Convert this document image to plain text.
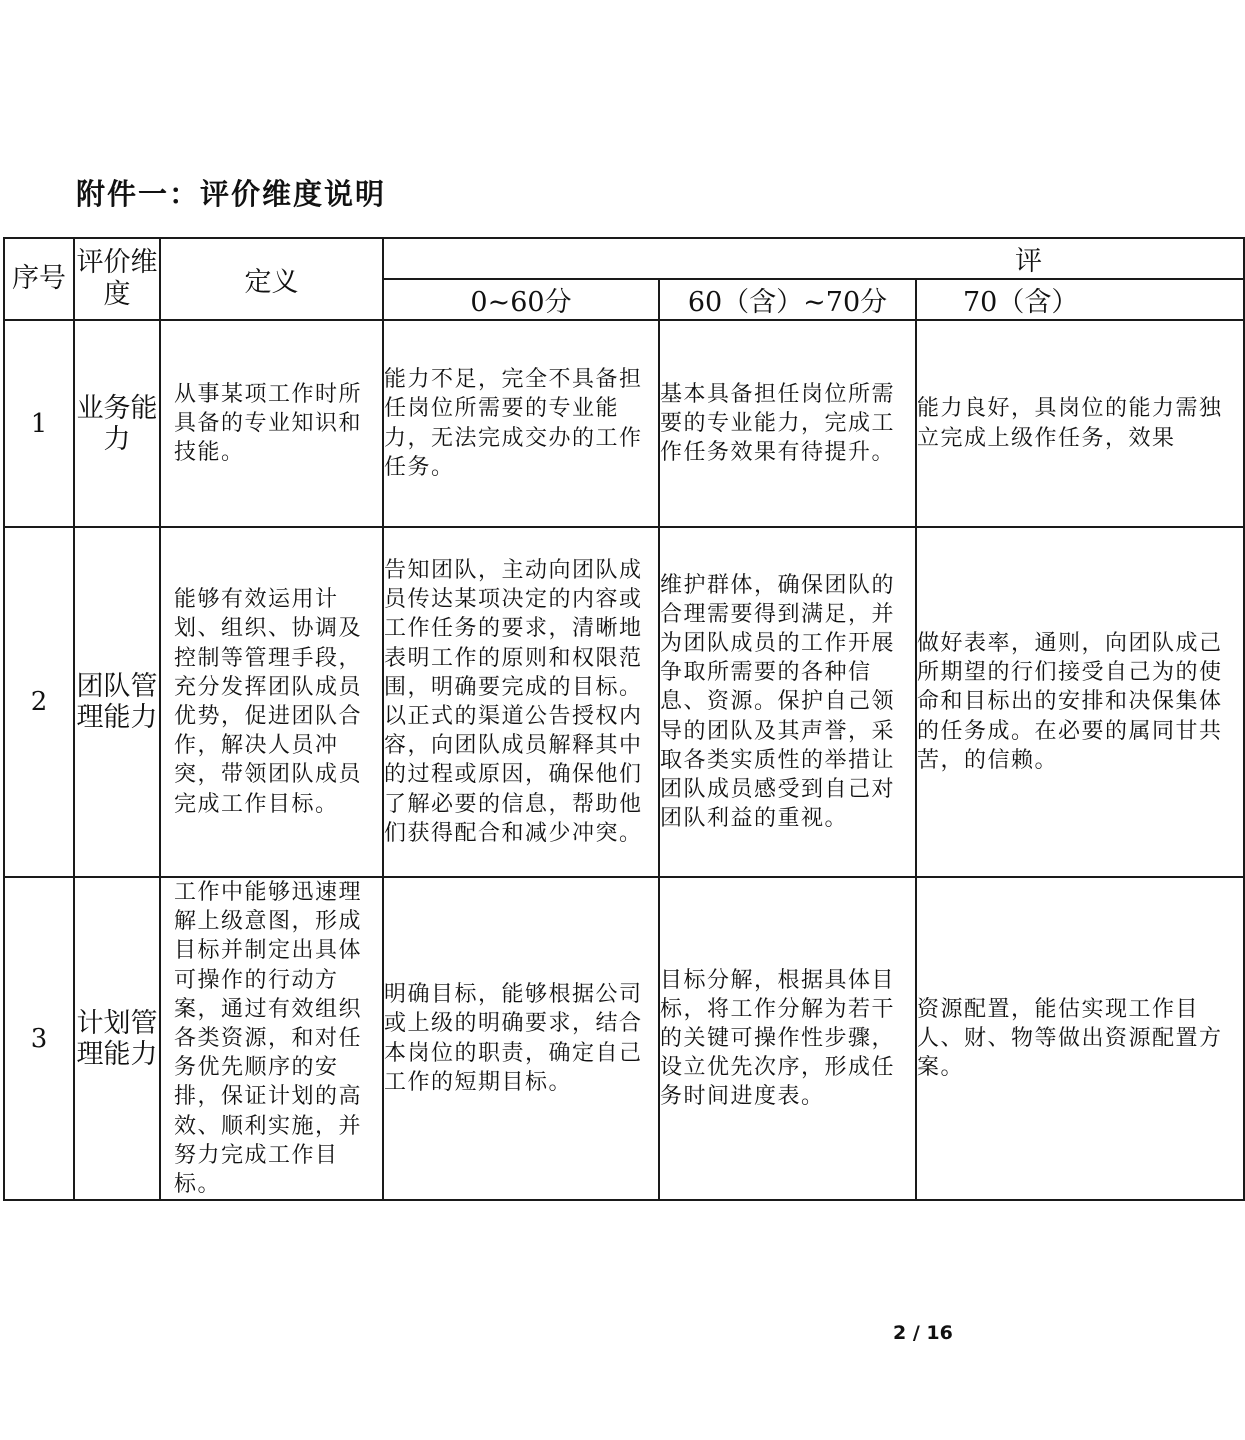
附件一：评价维度说明
序号	评价维度	定义	评		
			0~60分	60（含）~70分	70（含）
1	业务能力	从事某项工作时所具备的专业知识和技能。	能力不足，完全不具备担任岗位所需要的专业能力，无法完成交办的工作任务。	基本具备担任岗位所需要的专业能力，完成工作任务效果有待提升。	能力良好，具岗位的能力需独立完成上级作任务，效果
2	团队管理能力	能够有效运用计划、组织、协调及控制等管理手段，充分发挥团队成员优势，促进团队合作，解决人员冲突，带领团队成员完成工作目标。	告知团队，主动向团队成员传达某项决定的内容或工作任务的要求，清晰地表明工作的原则和权限范围，明确要完成的目标。以正式的渠道公告授权内容，向团队成员解释其中的过程或原因，确保他们了解必要的信息，帮助他们获得配合和减少冲突。	维护群体，确保团队的合理需要得到满足，并为团队成员的工作开展争取所需要的各种信息、资源。保护自己领导的团队及其声誉，采取各类实质性的举措让团队成员感受到自己对团队利益的重视。	做好表率，通则，向团队成己所期望的行们接受自己为的使命和目标出的安排和决保集体的任务成。在必要的属同甘共苦，的信赖。
3	计划管理能力	工作中能够迅速理解上级意图，形成目标并制定出具体可操作的行动方案，通过有效组织各类资源，和对任务优先顺序的安排，保证计划的高效、顺利实施，并努力完成工作目标。	明确目标，能够根据公司或上级的明确要求，结合本岗位的职责，确定自己工作的短期目标。	目标分解，根据具体目标，将工作分解为若干的关键可操作性步骤，设立优先次序，形成任务时间进度表。	资源配置，能估实现工作目人、财、物等做出资源配置方案。
2 / 16
